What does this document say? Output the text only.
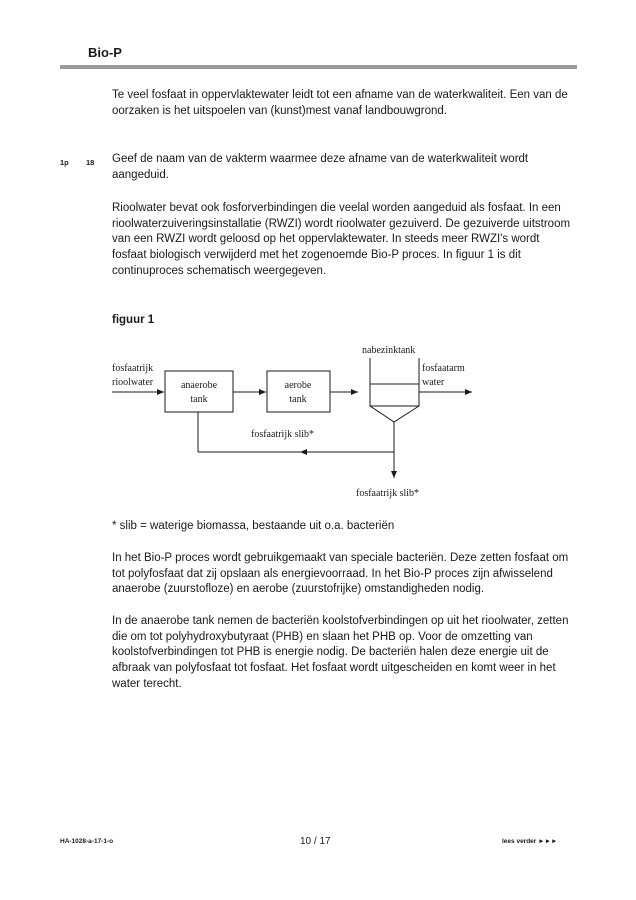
Bio-P
Te veel fosfaat in oppervlaktewater leidt tot een afname van de waterkwaliteit. Een van de oorzaken is het uitspoelen van (kunst)mest vanaf landbouwgrond.
1p 18 Geef de naam van de vakterm waarmee deze afname van de waterkwaliteit wordt aangeduid.
Rioolwater bevat ook fosforverbindingen die veelal worden aangeduid als fosfaat. In een rioolwaterzuiveringsinstallatie (RWZI) wordt rioolwater gezuiverd. De gezuiverde uitstroom van een RWZI wordt geloosd op het oppervlaktewater. In steeds meer RWZI's wordt fosfaat biologisch verwijderd met het zogenoemde Bio-P proces. In figuur 1 is dit continuproces schematisch weergegeven.
figuur 1
fosfaatrijk
rioolwater	anaerobe
tank
aerobe
tank
nabezinktank
fosfaatarm
water
fosfaatrijk slib*
fosfaatrijk slib*
* slib = waterige biomassa, bestaande uit o.a. bacteriën
In het Bio-P proces wordt gebruikgemaakt van speciale bacteriën. Deze zetten fosfaat om tot polyfosfaat dat zij opslaan als energievoorraad. In het Bio-P proces zijn afwisselend anaerobe (zuurstofloze) en aerobe (zuurstofrijke) omstandigheden nodig.
In de anaerobe tank nemen de bacteriën koolstofverbindingen op uit het rioolwater, zetten die om tot polyhydroxybutyraat (PHB) en slaan het PHB op. Voor de omzetting van koolstofverbindingen tot PHB is energie nodig. De bacteriën halen deze energie uit de afbraak van polyfosfaat tot fosfaat. Het fosfaat wordt uitgescheiden en komt weer in het water terecht.
HA-1028-a-17-1-o	10 / 17	lees verder ►►►
